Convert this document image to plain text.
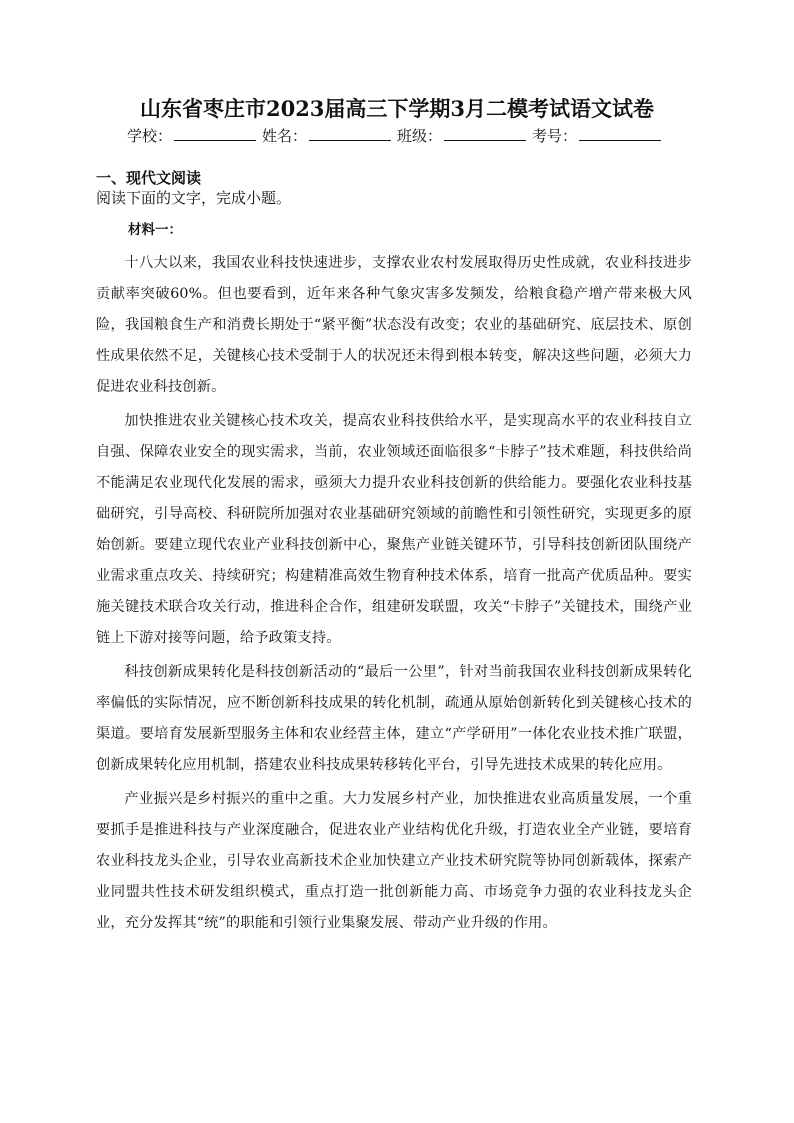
山东省枣庄市2023届高三下学期3月二模考试语文试卷
学校：	姓名：	班级：	考号：
一、现代文阅读
阅读下面的文字，完成小题。
材料一：

十八大以来，我国农业科技快速进步，支撑农业农村发展取得历史性成就，农业科技进步贡献率突破60%。但也要看到，近年来各种气象灾害多发频发，给粮食稳产增产带来极大风险，我国粮食生产和消费长期处于“紧平衡”状态没有改变；农业的基础研究、底层技术、原创性成果依然不足，关键核心技术受制于人的状况还未得到根本转变，解决这些问题，必须大力促进农业科技创新。

加快推进农业关键核心技术攻关，提高农业科技供给水平，是实现高水平的农业科技自立自强、保障农业安全的现实需求，当前，农业领域还面临很多“卡脖子”技术难题，科技供给尚不能满足农业现代化发展的需求，亟须大力提升农业科技创新的供给能力。要强化农业科技基础研究，引导高校、科研院所加强对农业基础研究领域的前瞻性和引领性研究，实现更多的原始创新。要建立现代农业产业科技创新中心，聚焦产业链关键环节，引导科技创新团队围绕产业需求重点攻关、持续研究；构建精准高效生物育种技术体系，培育一批高产优质品种。要实施关键技术联合攻关行动，推进科企合作，组建研发联盟，攻关“卡脖子”关键技术，围绕产业链上下游对接等问题，给予政策支持。

科技创新成果转化是科技创新活动的“最后一公里”，针对当前我国农业科技创新成果转化率偏低的实际情况，应不断创新科技成果的转化机制，疏通从原始创新转化到关键核心技术的渠道。要培育发展新型服务主体和农业经营主体，建立“产学研用”一体化农业技术推广联盟，创新成果转化应用机制，搭建农业科技成果转移转化平台，引导先进技术成果的转化应用。

产业振兴是乡村振兴的重中之重。大力发展乡村产业，加快推进农业高质量发展，一个重要抓手是推进科技与产业深度融合，促进农业产业结构优化升级，打造农业全产业链，要培育农业科技龙头企业，引导农业高新技术企业加快建立产业技术研究院等协同创新载体，探索产业同盟共性技术研发组织模式，重点打造一批创新能力高、市场竞争力强的农业科技龙头企业，充分发挥其“统”的职能和引领行业集聚发展、带动产业升级的作用。
